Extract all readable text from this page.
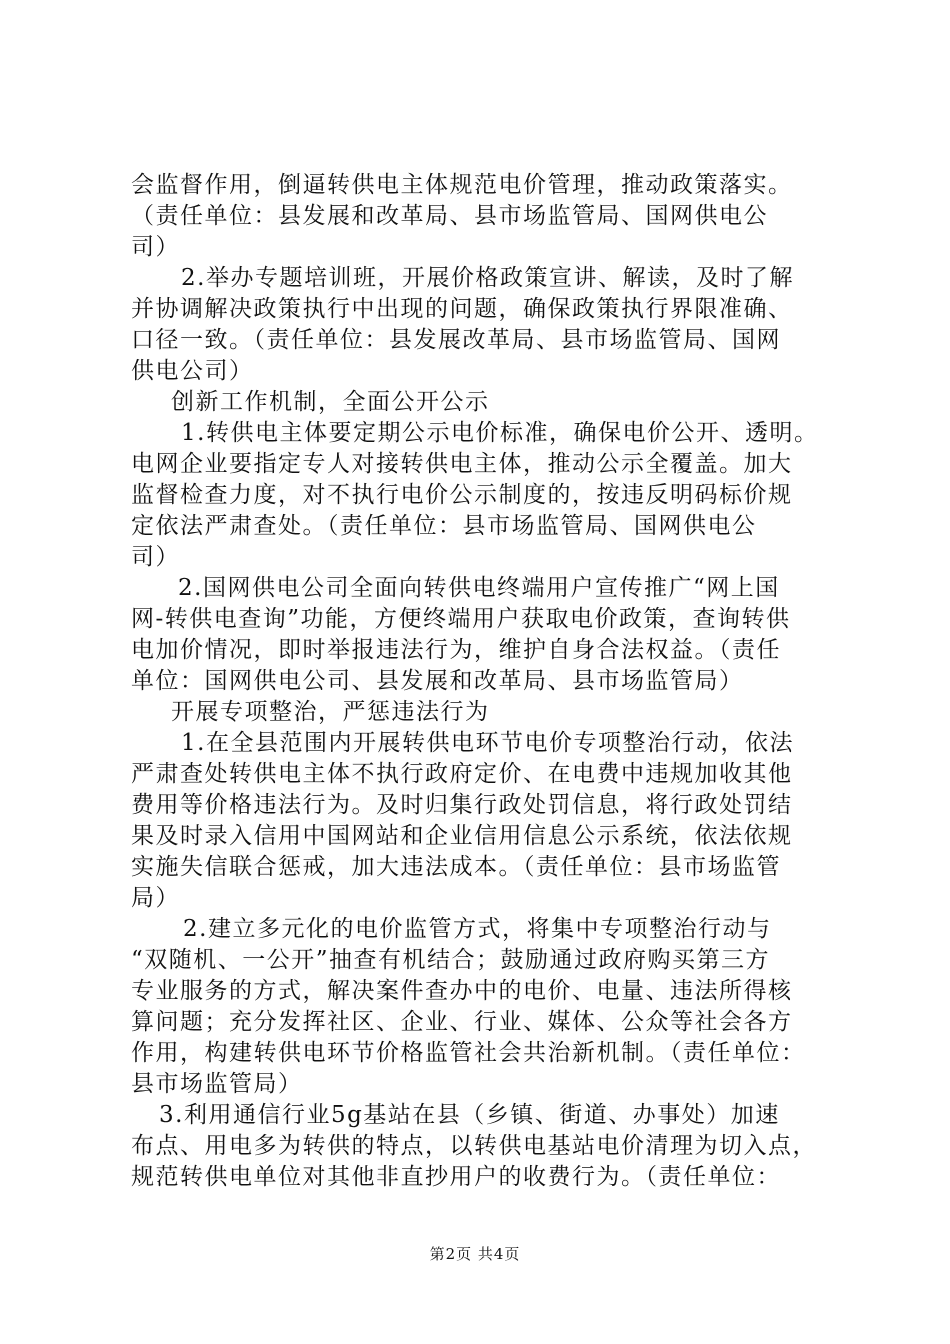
会监督作用，倒逼转供电主体规范电价管理，推动政策落实。
（责任单位：县发展和改革局、县市场监管局、国网供电公
司）
2.举办专题培训班，开展价格政策宣讲、解读，及时了解
并协调解决政策执行中出现的问题，确保政策执行界限准确、
口径一致。（责任单位：县发展改革局、县市场监管局、国网
供电公司）
创新工作机制，全面公开公示
1.转供电主体要定期公示电价标准，确保电价公开、透明。
电网企业要指定专人对接转供电主体，推动公示全覆盖。加大
监督检查力度，对不执行电价公示制度的，按违反明码标价规
定依法严肃查处。（责任单位：县市场监管局、国网供电公
司）
2.国网供电公司全面向转供电终端用户宣传推广“网上国
网-转供电查询”功能，方便终端用户获取电价政策，查询转供
电加价情况，即时举报违法行为，维护自身合法权益。（责任
单位：国网供电公司、县发展和改革局、县市场监管局）
开展专项整治，严惩违法行为
1.在全县范围内开展转供电环节电价专项整治行动，依法
严肃查处转供电主体不执行政府定价、在电费中违规加收其他
费用等价格违法行为。及时归集行政处罚信息，将行政处罚结
果及时录入信用中国网站和企业信用信息公示系统，依法依规
实施失信联合惩戒，加大违法成本。（责任单位：县市场监管
局）
2.建立多元化的电价监管方式，将集中专项整治行动与
“双随机、一公开”抽查有机结合；鼓励通过政府购买第三方
专业服务的方式，解决案件查办中的电价、电量、违法所得核
算问题；充分发挥社区、企业、行业、媒体、公众等社会各方
作用，构建转供电环节价格监管社会共治新机制。（责任单位：
县市场监管局）
3.利用通信行业5g基站在县（乡镇、街道、办事处）加速
布点、用电多为转供的特点，以转供电基站电价清理为切入点，
规范转供电单位对其他非直抄用户的收费行为。（责任单位：
第2页 共4页
